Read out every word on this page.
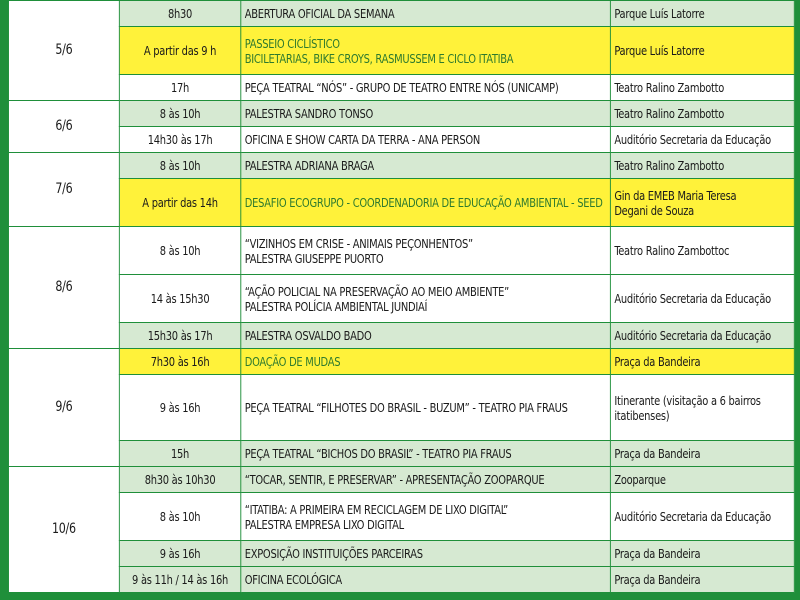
5/6	8h30	ABERTURA OFICIAL DA SEMANA	Parque Luís Latorre

	A partir das 9 h	PASSEIO CICLÍSTICO
BICILETARIAS, BIKE CROYS, RASMUSSEM E CICLO ITATIBA	Parque Luís Latorre

	17h	PEÇA TEATRAL “NÓS” - GRUPO DE TEATRO ENTRE NÓS (UNICAMP)	Teatro Ralino Zambotto

6/6	8 às 10h	PALESTRA SANDRO TONSO	Teatro Ralino Zambotto

	14h30 às 17h	OFICINA E SHOW CARTA DA TERRA - ANA PERSON	Auditório Secretaria da Educação

7/6	8 às 10h	PALESTRA ADRIANA BRAGA	Teatro Ralino Zambotto

	A partir das 14h	DESAFIO ECOGRUPO - COORDENADORIA DE EDUCAÇÃO AMBIENTAL - SEED	Gin da EMEB Maria Teresa
Degani de Souza

8/6	8 às 10h	“VIZINHOS EM CRISE - ANIMAIS PEÇONHENTOS”
PALESTRA GIUSEPPE PUORTO	Teatro Ralino Zambottoc

	14 às 15h30	“AÇÃO POLICIAL NA PRESERVAÇÃO AO MEIO AMBIENTE”
PALESTRA POLÍCIA AMBIENTAL JUNDIAÍ	Auditório Secretaria da Educação

	15h30 às 17h	PALESTRA OSVALDO BADO	Auditório Secretaria da Educação

9/6	7h30 às 16h	DOAÇÃO DE MUDAS	Praça da Bandeira

	9 às 16h	PEÇA TEATRAL “FILHOTES DO BRASIL - BUZUM” - TEATRO PIA FRAUS	Itinerante (visitação a 6 bairros
itatibenses)

	15h	PEÇA TEATRAL “BICHOS DO BRASIL” - TEATRO PIA FRAUS	Praça da Bandeira

10/6	8h30 às 10h30	“TOCAR, SENTIR, E PRESERVAR” - APRESENTAÇÃO ZOOPARQUE	Zooparque

	8 às 10h	“ITATIBA: A PRIMEIRA EM RECICLAGEM DE LIXO DIGITAL”
PALESTRA EMPRESA LIXO DIGITAL	Auditório Secretaria da Educação

	9 às 16h	EXPOSIÇÃO INSTITUIÇÕES PARCEIRAS	Praça da Bandeira

	9 às 11h / 14 às 16h	OFICINA ECOLÓGICA	Praça da Bandeira
